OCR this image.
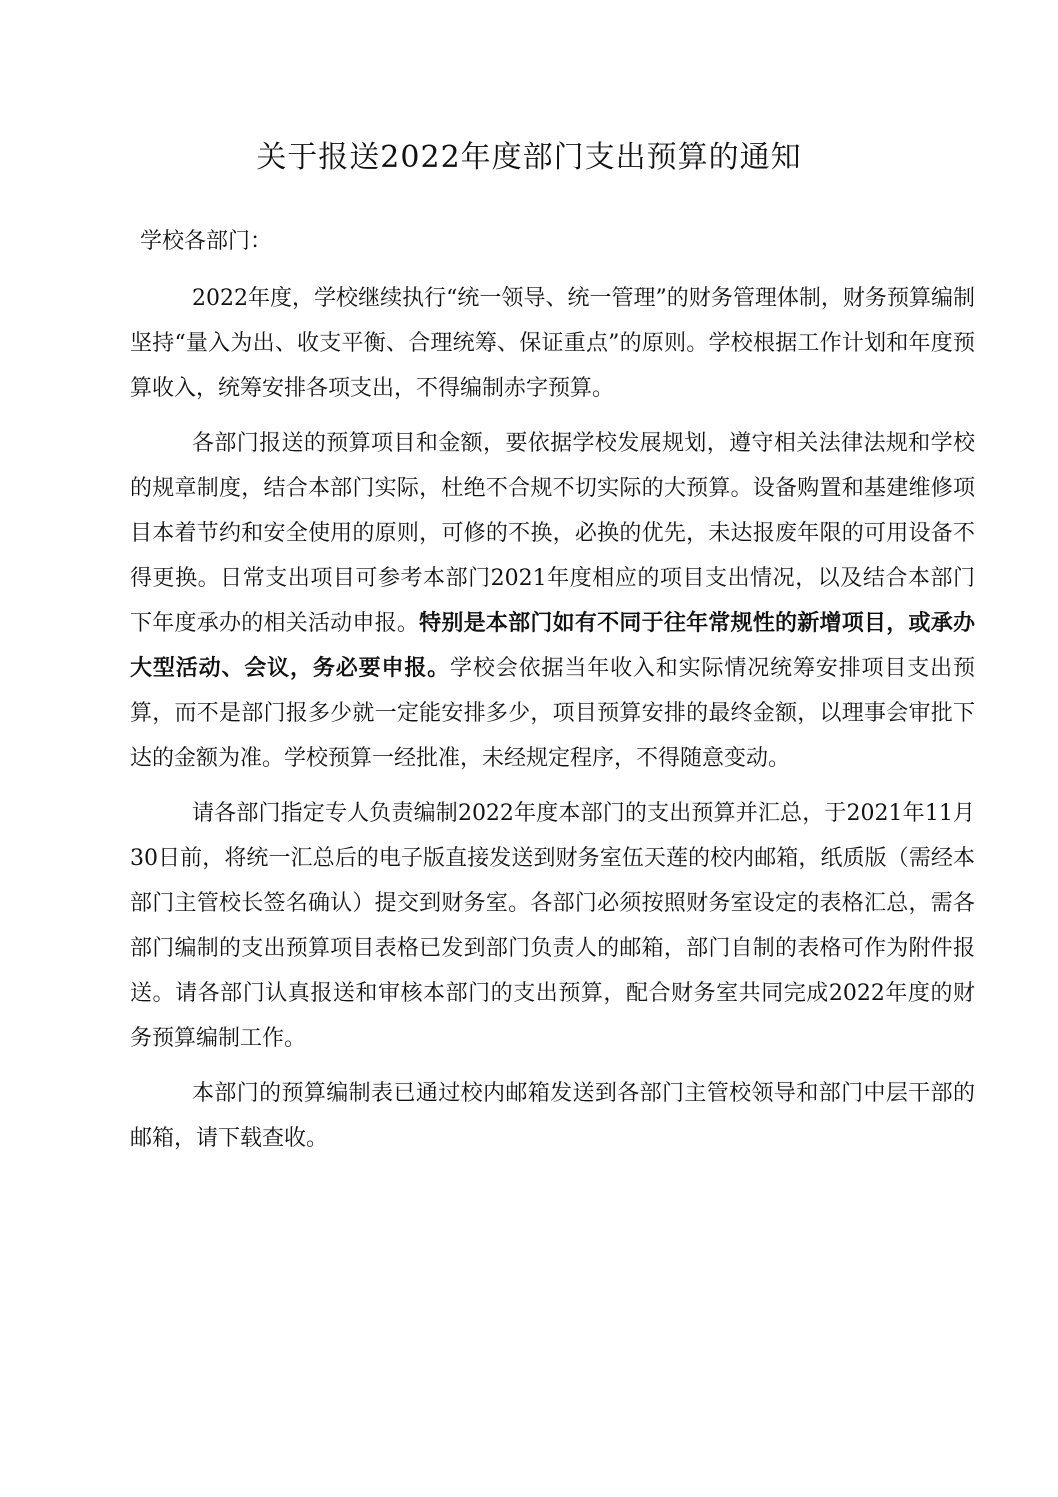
关于报送2022年度部门支出预算的通知

学校各部门：

2022年度，学校继续执行“统一领导、统一管理”的财务管理体制，财务预算编制坚持“量入为出、收支平衡、合理统筹、保证重点”的原则。学校根据工作计划和年度预算收入，统筹安排各项支出，不得编制赤字预算。

各部门报送的预算项目和金额，要依据学校发展规划，遵守相关法律法规和学校的规章制度，结合本部门实际，杜绝不合规不切实际的大预算。设备购置和基建维修项目本着节约和安全使用的原则，可修的不换，必换的优先，未达报废年限的可用设备不得更换。日常支出项目可参考本部门2021年度相应的项目支出情况，以及结合本部门下年度承办的相关活动申报。特别是本部门如有不同于往年常规性的新增项目，或承办大型活动、会议，务必要申报。学校会依据当年收入和实际情况统筹安排项目支出预算，而不是部门报多少就一定能安排多少，项目预算安排的最终金额，以理事会审批下达的金额为准。学校预算一经批准，未经规定程序，不得随意变动。

请各部门指定专人负责编制2022年度本部门的支出预算并汇总，于2021年11月30日前，将统一汇总后的电子版直接发送到财务室伍天莲的校内邮箱，纸质版（需经本部门主管校长签名确认）提交到财务室。各部门必须按照财务室设定的表格汇总，需各部门编制的支出预算项目表格已发到部门负责人的邮箱，部门自制的表格可作为附件报送。请各部门认真报送和审核本部门的支出预算，配合财务室共同完成2022年度的财务预算编制工作。

本部门的预算编制表已通过校内邮箱发送到各部门主管校领导和部门中层干部的邮箱，请下载查收。
